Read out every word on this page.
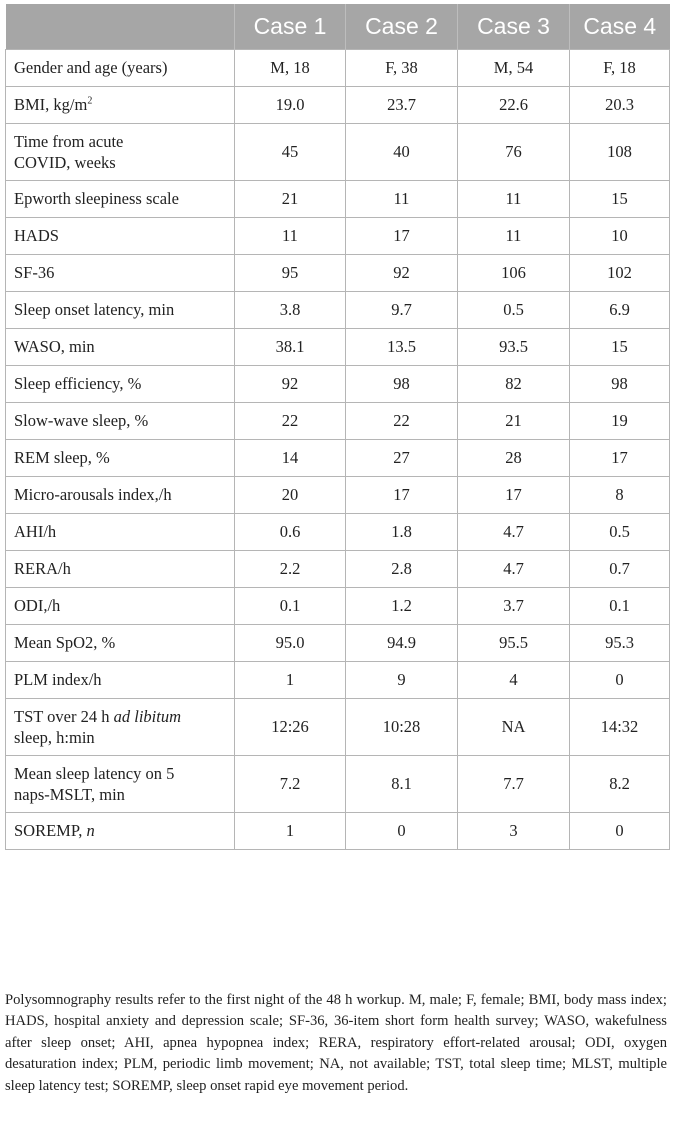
	Case 1	Case 2	Case 3	Case 4
Gender and age (years)	M, 18	F, 38	M, 54	F, 18
BMI, $kg/m^2$	19.0	23.7	22.6	20.3
Time from acute
COVID, weeks	45	40	76	108
Epworth sleepiness scale	21	11	11	15
HADS	11	17	11	10
SF-36	95	92	106	102
Sleep onset latency, min	3.8	9.7	0.5	6.9
WASO, min	38.1	13.5	93.5	15
Sleep efficiency, %	92	98	82	98
Slow-wave sleep, %	22	22	21	19
REM sleep, %	14	27	28	17
Micro-arousals index,/h	20	17	17	8
AHI/h	0.6	1.8	4.7	0.5
RERA/h	2.2	2.8	4.7	0.7
ODI,/h	0.1	1.2	3.7	0.1
Mean SpO2, %	95.0	94.9	95.5	95.3
PLM index/h	1	9	4	0
TST over 24 h ad libitum
sleep, h:min	12:26	10:28	NA	14:32
Mean sleep latency on 5
naps-MSLT, min	7.2	8.1	7.7	8.2
SOREMP, n	1	0	3	0
Polysomnography results refer to the first night of the 48 h workup. M, male; F, female; BMI, body mass index; HADS, hospital anxiety and depression scale; SF-36, 36-item short form health survey; WASO, wakefulness after sleep onset; AHI, apnea hypopnea index; RERA, respiratory effort-related arousal; ODI, oxygen desaturation index; PLM, periodic limb movement; NA, not available; TST, total sleep time; MLST, multiple sleep latency test; SOREMP, sleep onset rapid eye movement period.
